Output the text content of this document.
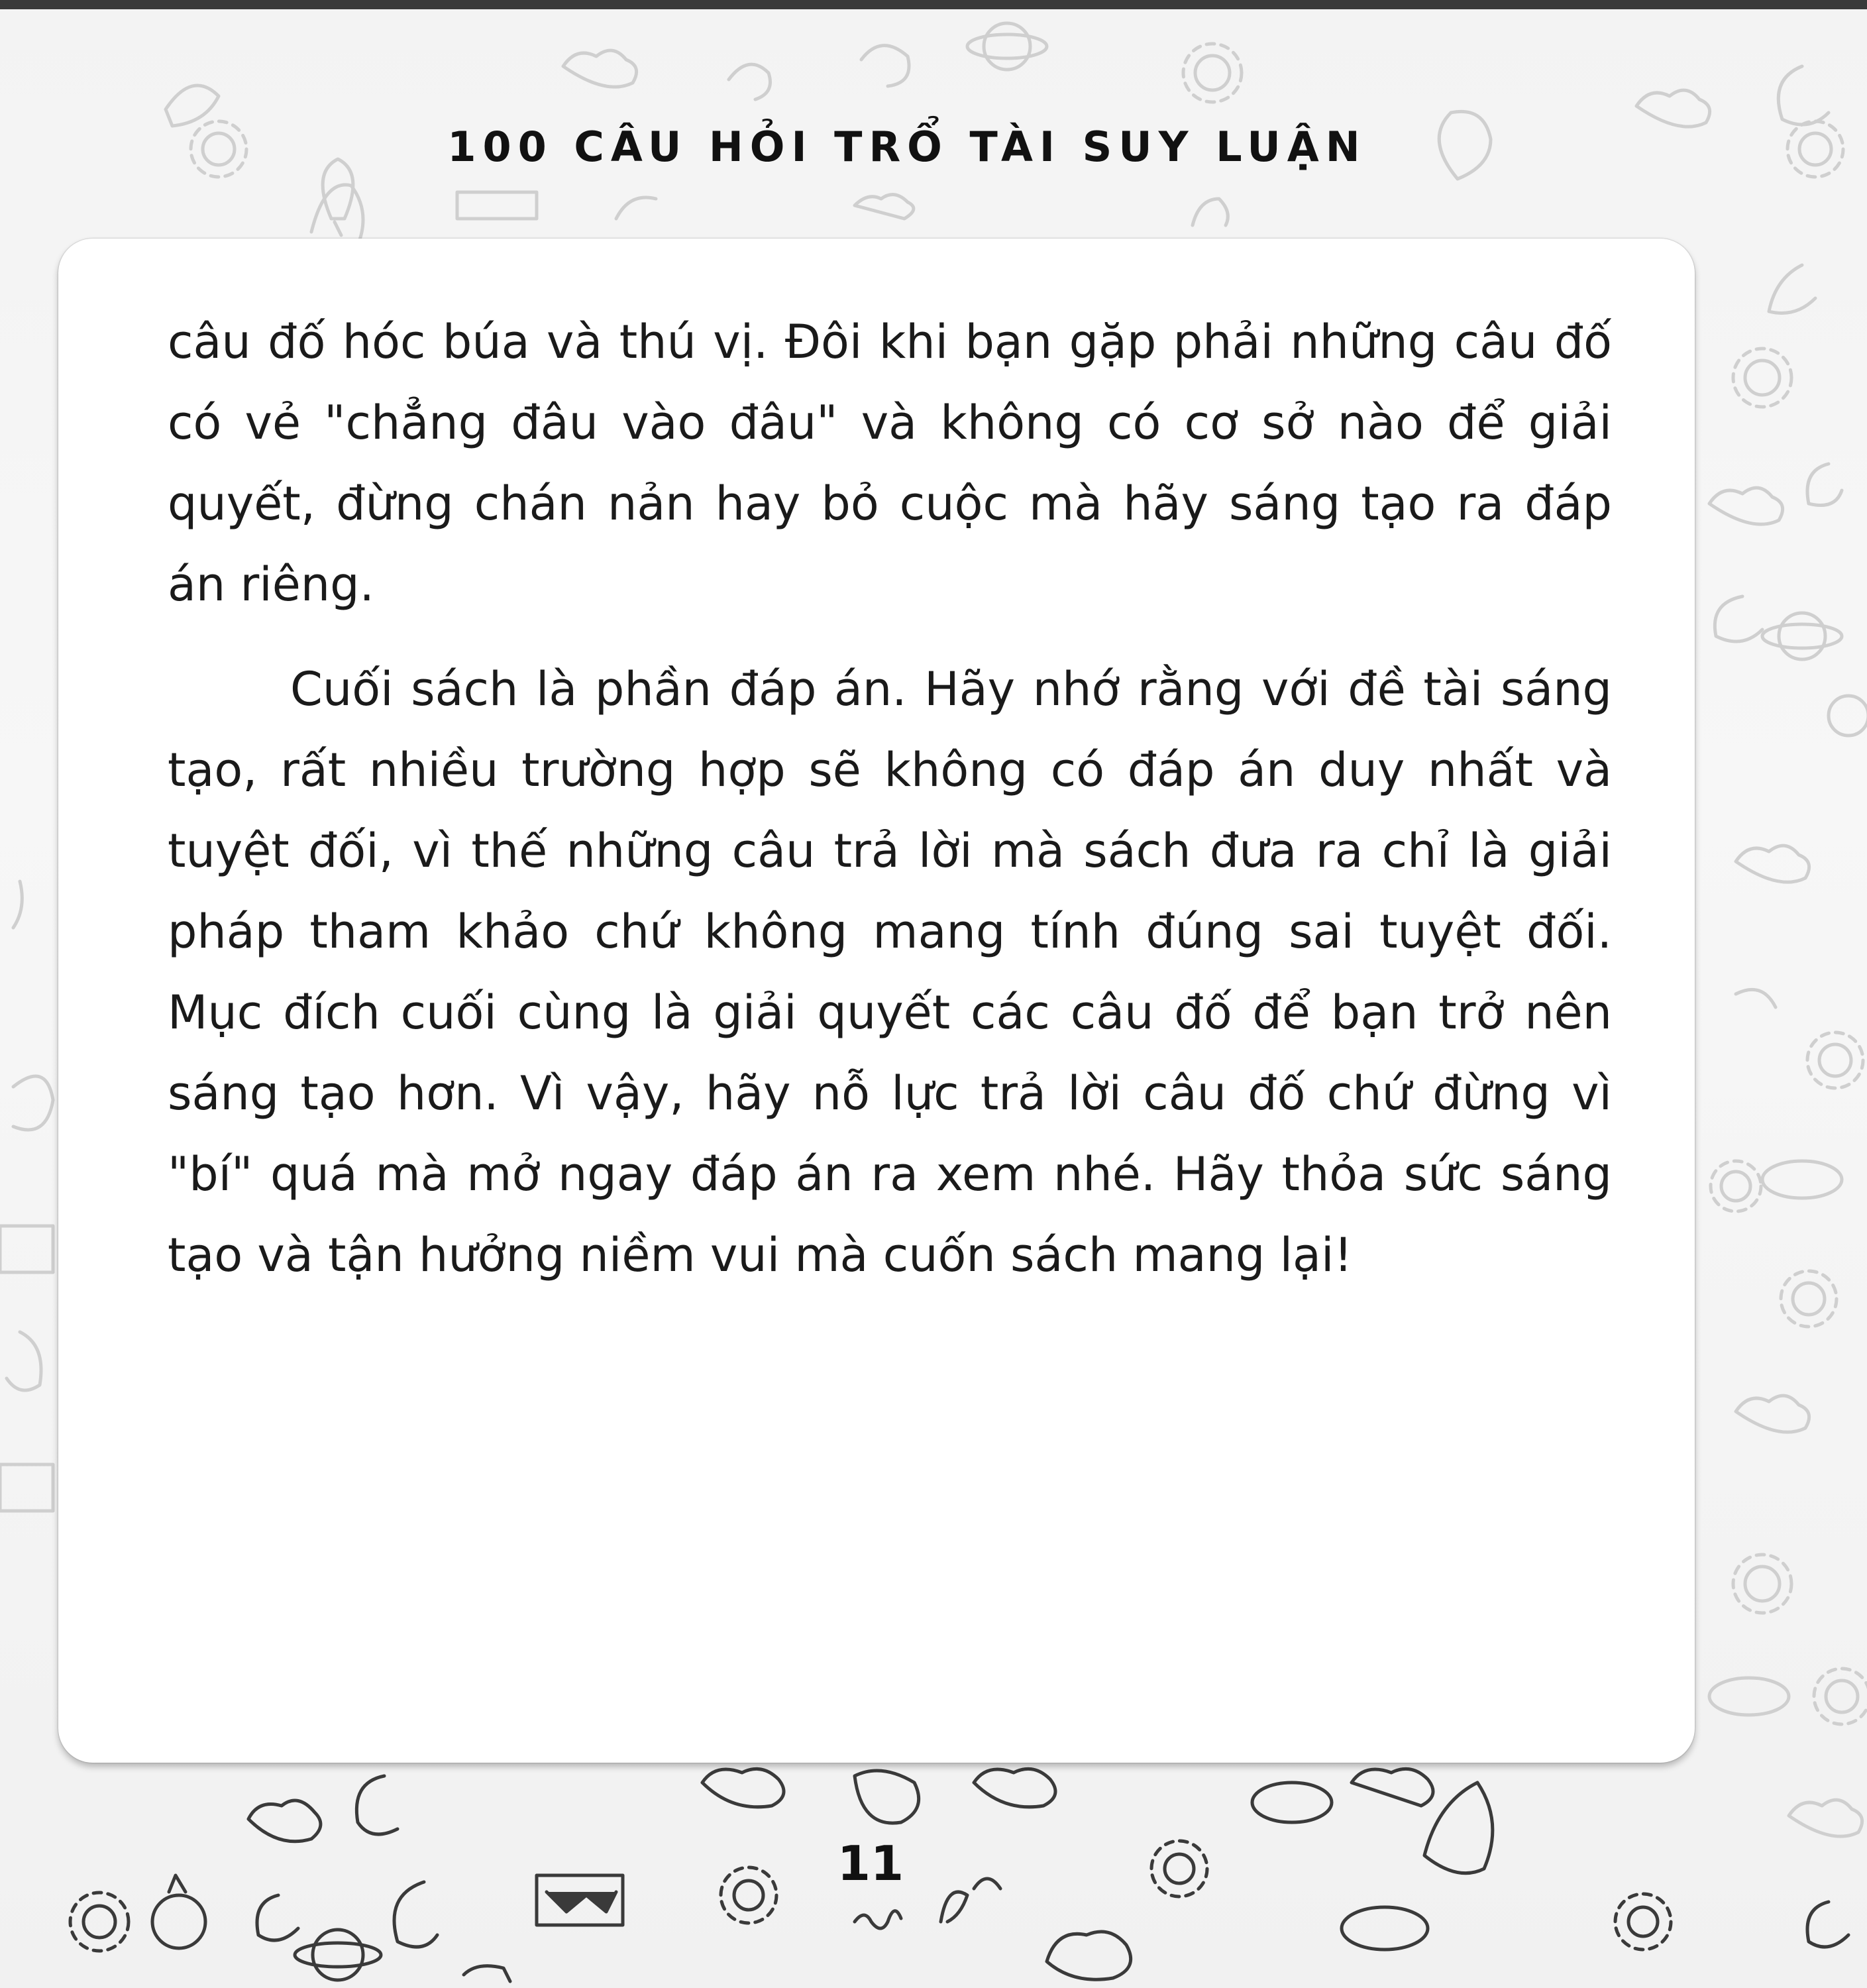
100 CÂU HỎI TRỔ TÀI SUY LUẬN

câu đố hóc búa và thú vị. Đôi khi bạn gặp phải những câu đố có vẻ "chẳng đâu vào đâu" và không có cơ sở nào để giải quyết, đừng chán nản hay bỏ cuộc mà hãy sáng tạo ra đáp án riêng.

Cuối sách là phần đáp án. Hãy nhớ rằng với đề tài sáng tạo, rất nhiều trường hợp sẽ không có đáp án duy nhất và tuyệt đối, vì thế những câu trả lời mà sách đưa ra chỉ là giải pháp tham khảo chứ không mang tính đúng sai tuyệt đối. Mục đích cuối cùng là giải quyết các câu đố để bạn trở nên sáng tạo hơn. Vì vậy, hãy nỗ lực trả lời câu đố chứ đừng vì "bí" quá mà mở ngay đáp án ra xem nhé. Hãy thỏa sức sáng tạo và tận hưởng niềm vui mà cuốn sách mang lại!

11
